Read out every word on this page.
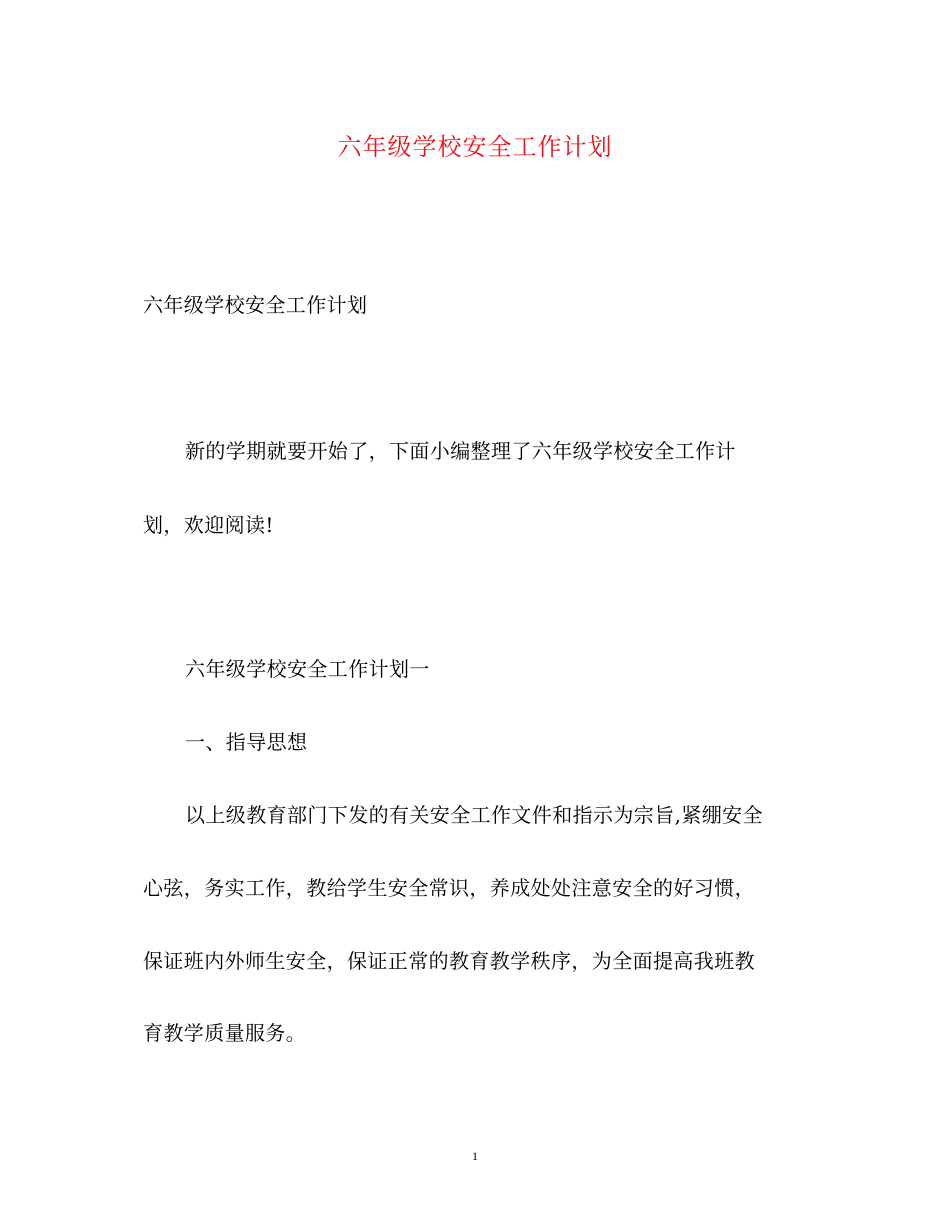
六年级学校安全工作计划
六年级学校安全工作计划
新的学期就要开始了，下面小编整理了六年级学校安全工作计
划，欢迎阅读!
六年级学校安全工作计划一
一、指导思想
以上级教育部门下发的有关安全工作文件和指示为宗旨,紧绷安全
心弦，务实工作，教给学生安全常识，养成处处注意安全的好习惯，
保证班内外师生安全，保证正常的教育教学秩序，为全面提高我班教
育教学质量服务。
1
